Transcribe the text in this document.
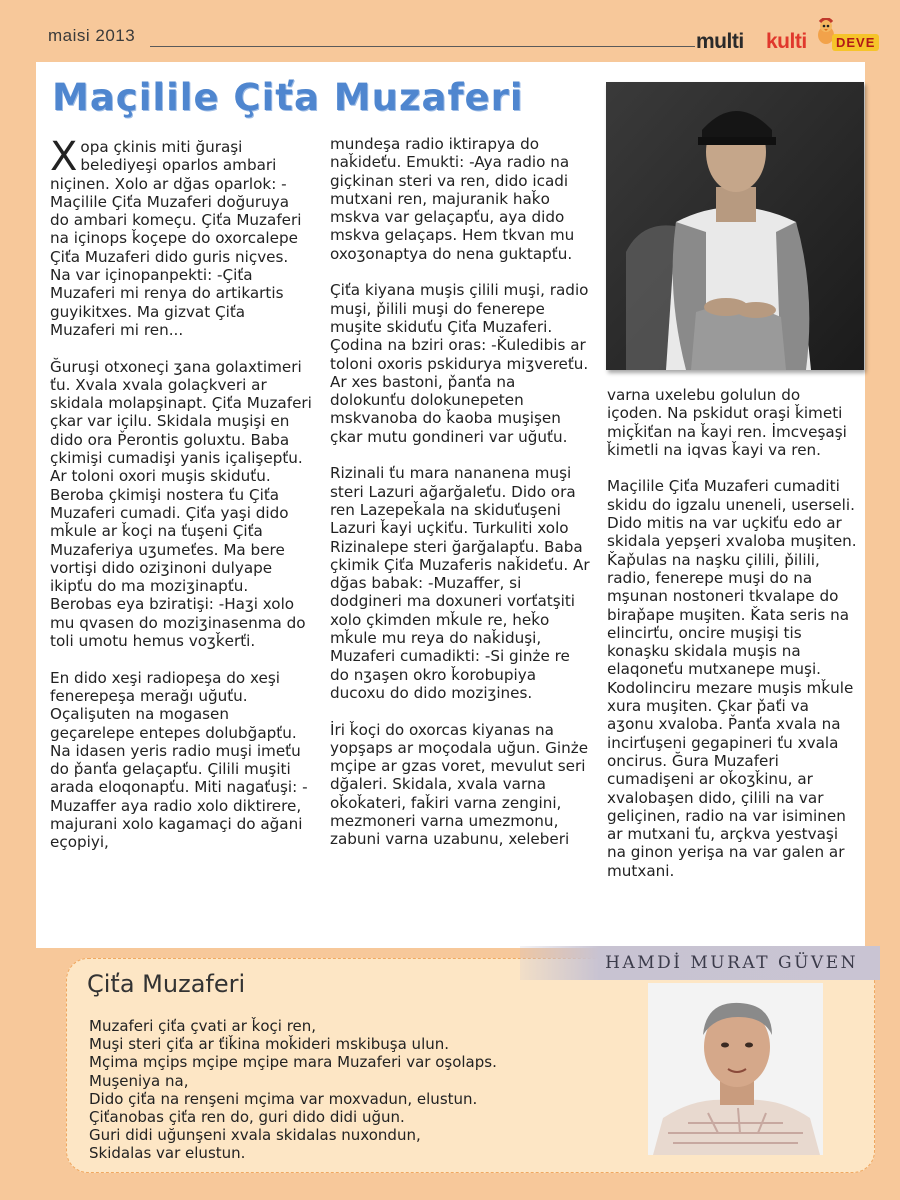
maisi 2013	multi kulti	DEVE
Maçilile Çiťa Muzaferi

Xopa çkinis miti ğuraşi belediyeşi oparlos ambari niçinen. Xolo ar dğas oparlok: -Maçilile Çiťa Muzaferi doğuruya do ambari komeçu. Çiťa Muzaferi na içinops ǩoçepe do oxorcalepe Çiťa Muzaferi dido guris niçves. Na var içinopanpekti: -Çiťa Muzaferi mi renya do artikartis guyikitxes. Ma gizvat Çiťa Muzaferi mi ren...

Ğuruşi otxoneçi ʒana golaxtimeri ťu. Xvala xvala golaçkveri ar skidala molapşinapt. Çiťa Muzaferi çkar var içilu. Skidala muşişi en dido ora P̌erontis goluxtu. Baba çkimişi cumadişi yanis içalişepťu. Ar toloni oxori muşis skiduťu. Beroba çkimişi nostera ťu Çiťa Muzaferi cumadi. Çiťa yaşi dido mǩule ar ǩoçi na ťuşeni Çiťa Muzaferiya uʒumeťes. Ma bere vortişi dido oziʒinoni dulyape ikipťu do ma moziʒinapťu. Berobas eya bziratişi: -Haʒi xolo mu qvasen do moziʒinasenma do toli umotu hemus voʒǩerťi.

En dido xeşi radiopeşa do xeşi fenerepeşa merağı uğuťu. Oçalişuten na mogasen geçarelepe entepes dolubğapťu. Na idasen yeris radio muşi imeťu do p̌anťa gelaçapťu. Çilili muşiti arada eloqonapťu. Miti nagaťuşi: -Muzaffer aya radio xolo diktirere, majurani xolo kagamaçi do ağani eçopiyi,

mundeşa radio iktirapya do naǩideťu. Emukti: -Aya radio na giçkinan steri va ren, dido icadi mutxani ren, majuranik haǩo mskva var gelaçapťu, aya dido mskva gelaçaps. Hem tkvan mu oxoʒonaptya do nena guktapťu.

Çiťa kiyana muşis çilili muşi, radio muşi, p̌ilili muşi do fenerepe muşite skiduťu Çiťa Muzaferi. Çodina na bziri oras: -Ǩuledibis ar toloni oxoris pskidurya miʒvereťu. Ar xes bastoni, p̌anťa na dolokunťu dolokunepeten mskvanoba do ǩaoba muşişen çkar mutu gondineri var uğuťu.

Rizinali ťu mara nananena muşi steri Lazuri ağarğaleťu. Dido ora ren Lazepeǩala na skiduťuşeni Lazuri ǩayi uçkiťu. Turkuliti xolo Rizinalepe steri ğarğalapťu. Baba çkimik Çiťa Muzaferis naǩideťu. Ar dğas babak: -Muzaffer, si dodgineri ma doxuneri vorťatşiti xolo çkimden mǩule re, heǩo mǩule mu reya do naǩiduşi, Muzaferi cumadikti: -Si ginże re do nʒaşen okro ǩorobupiya ducoxu do dido moziʒines.

İri ǩoçi do oxorcas kiyanas na yopşaps ar moçodala uğun. Ginże mçipe ar gzas voret, mevulut seri dğaleri. Skidala, xvala varna oǩoǩateri, faǩiri varna zengini, mezmoneri varna umezmonu, zabuni varna uzabunu, xeleberi

varna uxelebu golulun do içoden. Na pskidut oraşi ǩimeti miçǩiťan na ǩayi ren. İmcveşaşi ǩimetli na iqvas ǩayi va ren.

Maçilile Çiťa Muzaferi cumaditi skidu do igzalu uneneli, userseli. Dido mitis na var uçkiťu edo ar skidala yepşeri xvaloba muşiten. Ǩap̌ulas na naşku çilili, p̌ilili, radio, fenerepe muşi do na mşunan nostoneri tkvalape do birap̌ape muşiten. Ǩata seris na elincirťu, oncire muşişi tis konaşku skidala muşis na elaqoneťu mutxanepe muşi. Kodolinciru mezare muşis mǩule xura muşiten. Çkar p̌aťi va aʒonu xvaloba. P̌anťa xvala na incirťuşeni gegapineri ťu xvala oncirus. Ğura Muzaferi cumadişeni ar oǩoʒǩinu, ar xvalobaşen dido, çilili na var geliçinen, radio na var isiminen ar mutxani ťu, arçkva yestvaşi na ginon yerişa na var galen ar mutxani.

HAMDİ MURAT GÜVEN
Çiťa Muzaferi
Muzaferi çiťa çvati ar ǩoçi ren,
Muşi steri çiťa ar ťiǩina moǩideri mskibuşa ulun.
Mçima mçips mçipe mçipe mara Muzaferi var oşolaps.
Muşeniya na,
Dido çiťa na renşeni mçima var moxvadun, elustun.
Çiťanobas çiťa ren do, guri dido didi uğun.
Guri didi uğunşeni xvala skidalas nuxondun,
Skidalas var elustun.
